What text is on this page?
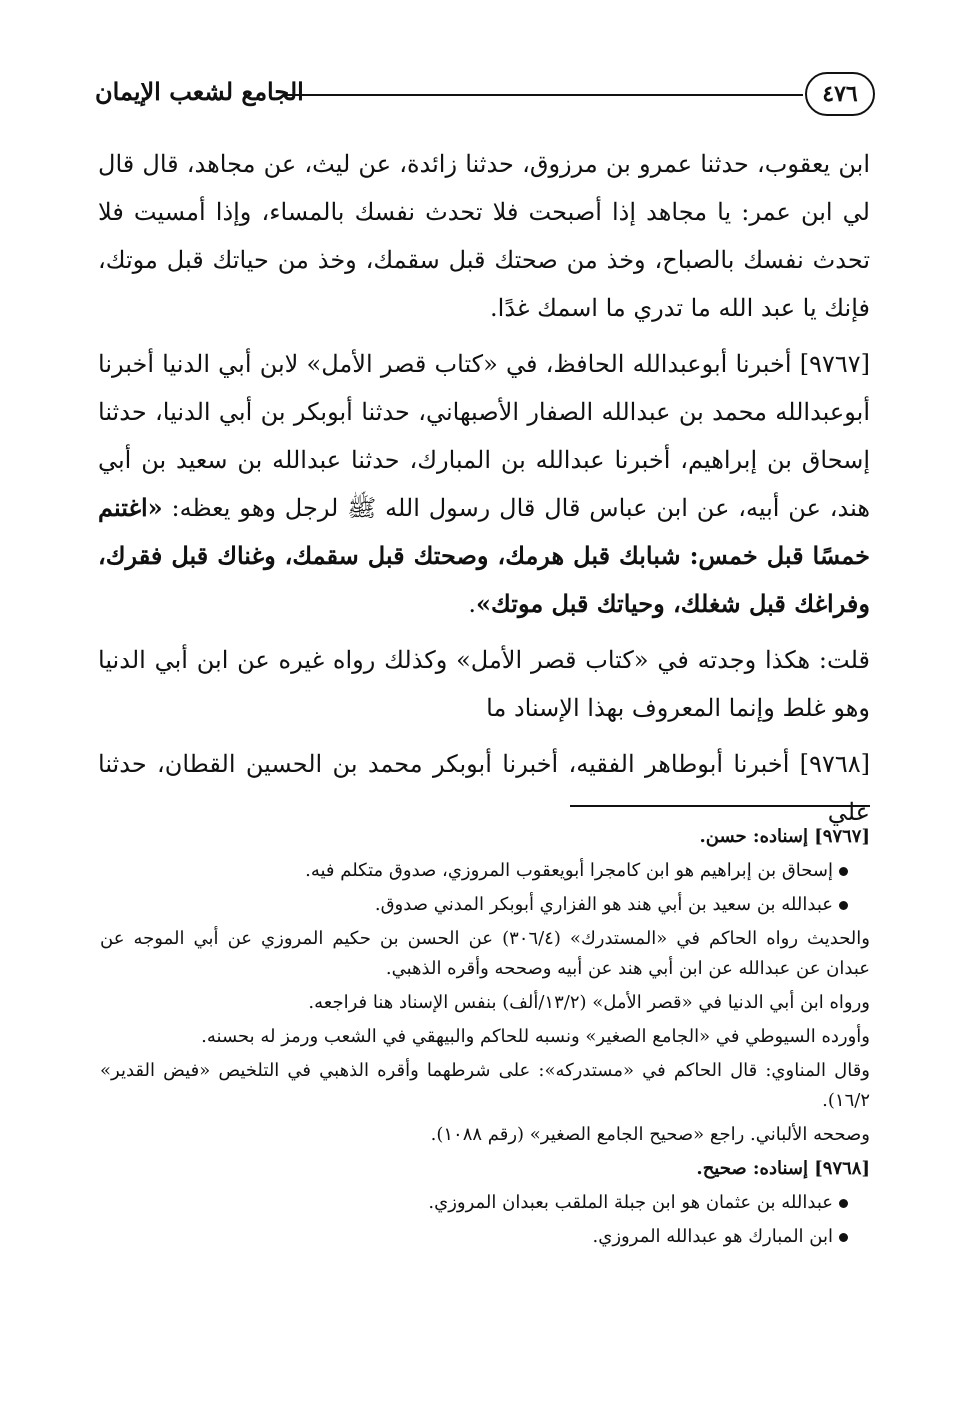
٤٧٦
الجامع لشعب الإيمان

ابن يعقوب، حدثنا عمرو بن مرزوق، حدثنا زائدة، عن ليث، عن مجاهد، قال قال لي ابن عمر: يا مجاهد إذا أصبحت فلا تحدث نفسك بالمساء، وإذا أمسيت فلا تحدث نفسك بالصباح، وخذ من صحتك قبل سقمك، وخذ من حياتك قبل موتك، فإنك يا عبد الله ما تدري ما اسمك غدًا.

[٩٧٦٧] أخبرنا أبوعبدالله الحافظ، في «كتاب قصر الأمل» لابن أبي الدنيا أخبرنا أبوعبدالله محمد بن عبدالله الصفار الأصبهاني، حدثنا أبوبكر بن أبي الدنيا، حدثنا إسحاق بن إبراهيم، أخبرنا عبدالله بن المبارك، حدثنا عبدالله بن سعيد بن أبي هند، عن أبيه، عن ابن عباس قال قال رسول الله ﷺ لرجل وهو يعظه: «اغتنم خمسًا قبل خمس: شبابك قبل هرمك، وصحتك قبل سقمك، وغناك قبل فقرك، وفراغك قبل شغلك، وحياتك قبل موتك».

قلت: هكذا وجدته في «كتاب قصر الأمل» وكذلك رواه غيره عن ابن أبي الدنيا وهو غلط وإنما المعروف بهذا الإسناد ما

[٩٧٦٨] أخبرنا أبوطاهر الفقيه، أخبرنا أبوبكر محمد بن الحسين القطان، حدثنا علي

[٩٧٦٧] إسناده: حسن.

إسحاق بن إبراهيم هو ابن كامجرا أبويعقوب المروزي، صدوق متكلم فيه.

عبدالله بن سعيد بن أبي هند هو الفزاري أبوبكر المدني صدوق.

والحديث رواه الحاكم في «المستدرك» (٣٠٦/٤) عن الحسن بن حكيم المروزي عن أبي الموجه عن عبدان عن عبدالله عن ابن أبي هند عن أبيه وصححه وأقره الذهبي.

ورواه ابن أبي الدنيا في «قصر الأمل» (١٣/٢/ألف) بنفس الإسناد هنا فراجعه.

وأورده السيوطي في «الجامع الصغير» ونسبه للحاكم والبيهقي في الشعب ورمز له بحسنه.

وقال المناوي: قال الحاكم في «مستدركه»: على شرطهما وأقره الذهبي في التلخيص «فيض القدير» ١٦/٢).

وصححه الألباني. راجع «صحيح الجامع الصغير» (رقم ١٠٨٨).

[٩٧٦٨] إسناده: صحيح.

عبدالله بن عثمان هو ابن جبلة الملقب بعبدان المروزي.

ابن المبارك هو عبدالله المروزي.
